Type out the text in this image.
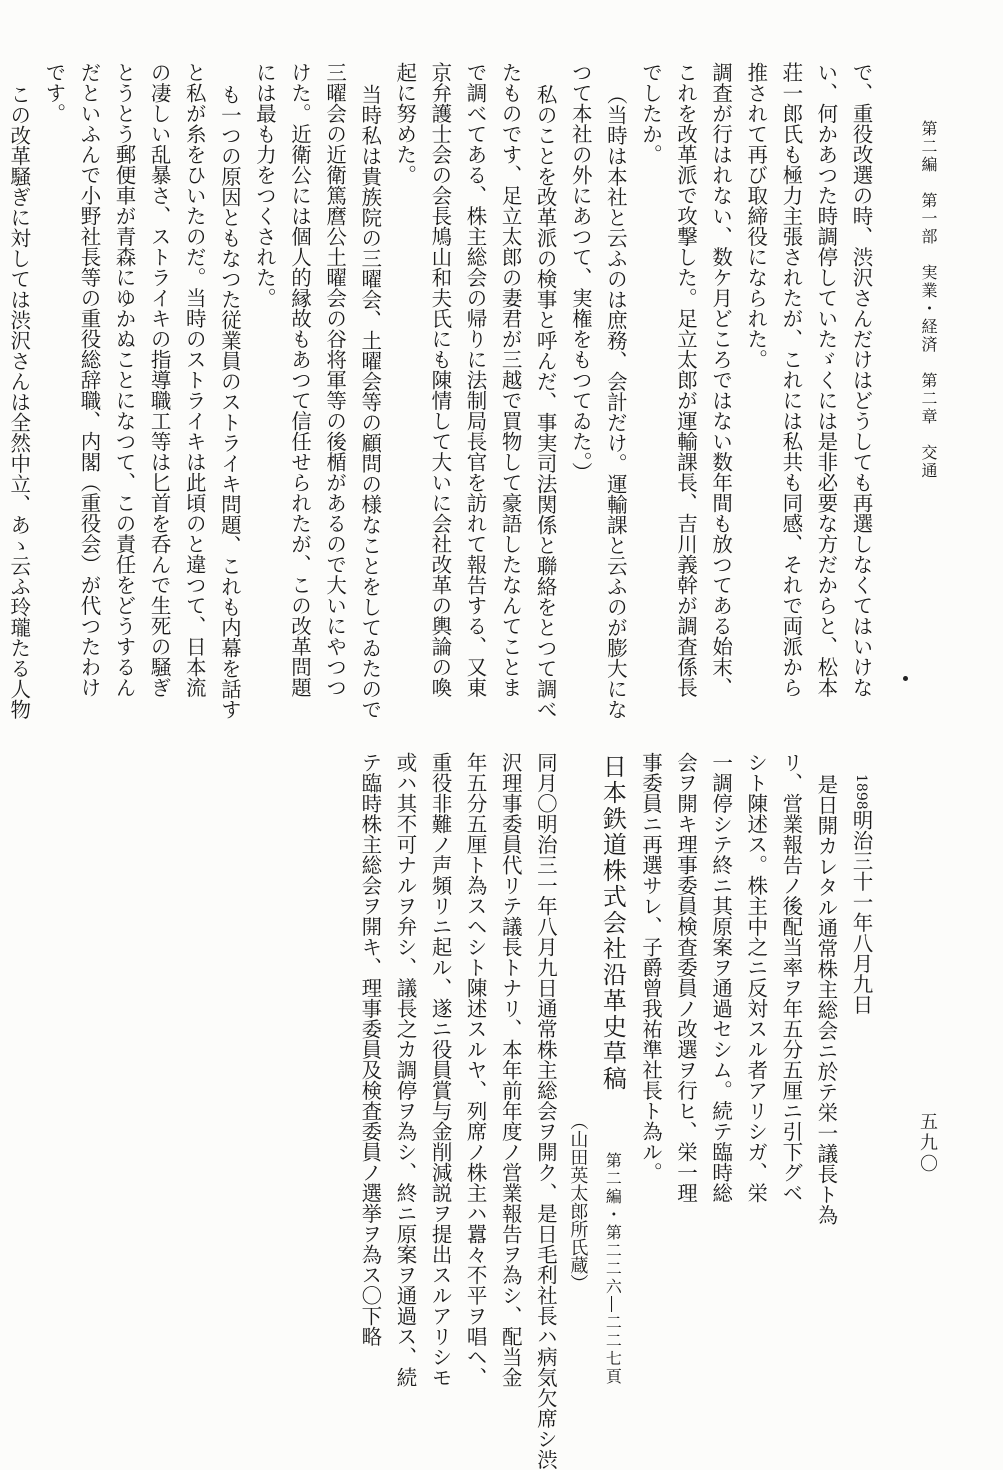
第二編　第一部　実業・経済　第二章　交通
五九〇

で、重役改選の時、渋沢さんだけはどうしても再選しなくてはいけな

い、何かあつた時調停していたゞくには是非必要な方だからと、松本

荘一郎氏も極力主張されたが、これには私共も同感、それで両派から

推されて再び取締役になられた。

調査が行はれない、数ケ月どころではない数年間も放つてある始末、

これを改革派で攻撃した。足立太郎が運輸課長、吉川義幹が調査係長

でしたか。

（当時は本社と云ふのは庶務、会計だけ。運輸課と云ふのが膨大にな

つて本社の外にあつて、実権をもつてゐた。）

私のことを改革派の検事と呼んだ、事実司法関係と聯絡をとつて調べ

たものです、足立太郎の妻君が三越で買物して豪語したなんてことま

で調べてある、株主総会の帰りに法制局長官を訪れて報告する、又東

京弁護士会の会長鳩山和夫氏にも陳情して大いに会社改革の輿論の喚

起に努めた。

当時私は貴族院の三曜会、土曜会等の顧問の様なことをしてゐたので

三曜会の近衛篤麿公土曜会の谷将軍等の後楯があるので大いにやつつ

けた。近衛公には個人的縁故もあつて信任せられたが、この改革問題

には最も力をつくされた。

も一つの原因ともなつた従業員のストライキ問題、これも内幕を話す

と私が糸をひいたのだ。当時のストライキは此頃のと違つて、日本流

の凄しい乱暴さ、ストライキの指導職工等は匕首を呑んで生死の騒ぎ

とうとう郵便車が青森にゆかぬことになつて、この責任をどうするん

だといふんで小野社長等の重役総辞職、内閣（重役会）が代つたわけ

です。

この改革騒ぎに対しては渋沢さんは全然中立、あゝ云ふ玲瓏たる人物

1898明治三十一年八月九日

是日開カレタル通常株主総会ニ於テ栄一議長ト為

リ、営業報告ノ後配当率ヲ年五分五厘ニ引下グベ

シト陳述ス。株主中之ニ反対スル者アリシガ、栄

一調停シテ終ニ其原案ヲ通過セシム。続テ臨時総

会ヲ開キ理事委員検査委員ノ改選ヲ行ヒ、栄一理

事委員ニ再選サレ、子爵曾我祐準社長ト為ル。

日本鉄道株式会社沿革史草稿第二編・第二二六―二二七頁

（山田英太郎所氏蔵）

同月〇明治三一年八月九日通常株主総会ヲ開ク、是日毛利社長ハ病気欠席シ渋

沢理事委員代リテ議長トナリ、本年前年度ノ営業報告ヲ為シ、配当金

年五分五厘ト為スヘシト陳述スルヤ、列席ノ株主ハ囂々不平ヲ唱ヘ、

重役非難ノ声頻リニ起ル、遂ニ役員賞与金削減説ヲ提出スルアリシモ

或ハ其不可ナルヲ弁シ、議長之カ調停ヲ為シ、終ニ原案ヲ通過ス、続

テ臨時株主総会ヲ開キ、理事委員及検査委員ノ選挙ヲ為ス〇下略
